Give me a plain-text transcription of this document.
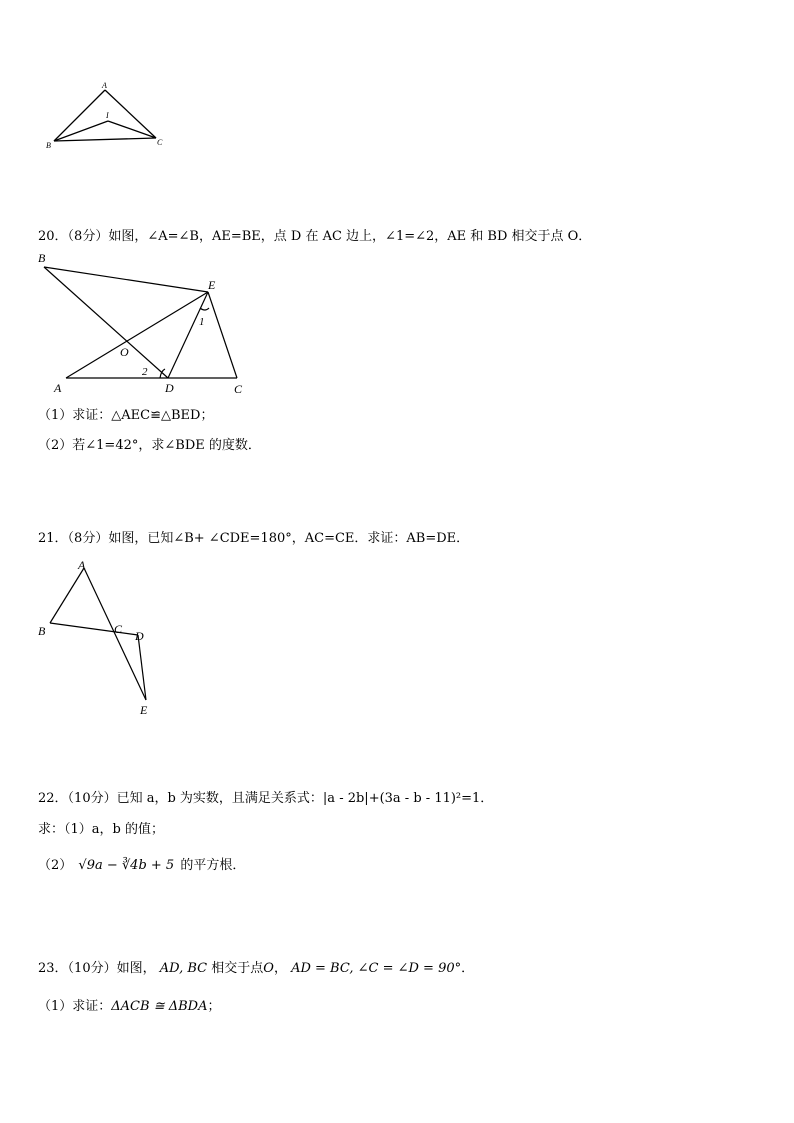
A
B	C
I
20．（8分）如图，∠A=∠B，AE=BE，点 D 在 AC 边上，∠1=∠2，AE 和 BD 相交于点 O．
B
E
1
O
2
A	D	C
（1）求证：△AEC≌△BED；
（2）若∠1=42°，求∠BDE 的度数．
21．（8分）如图，已知∠B+ ∠CDE=180°，AC=CE．求证：AB=DE．
A
B	C D
E
22．（10分）已知 a，b 为实数，且满足关系式：|a - 2b|+(3a - b - 11)²=1．
求：（1）a，b 的值；
（2） √9a − ∛4b + 5 的平方根．
23．（10分）如图， AD, BC 相交于点O， AD = BC, ∠C = ∠D = 90°．
（1）求证：ΔACB ≅ ΔBDA；
